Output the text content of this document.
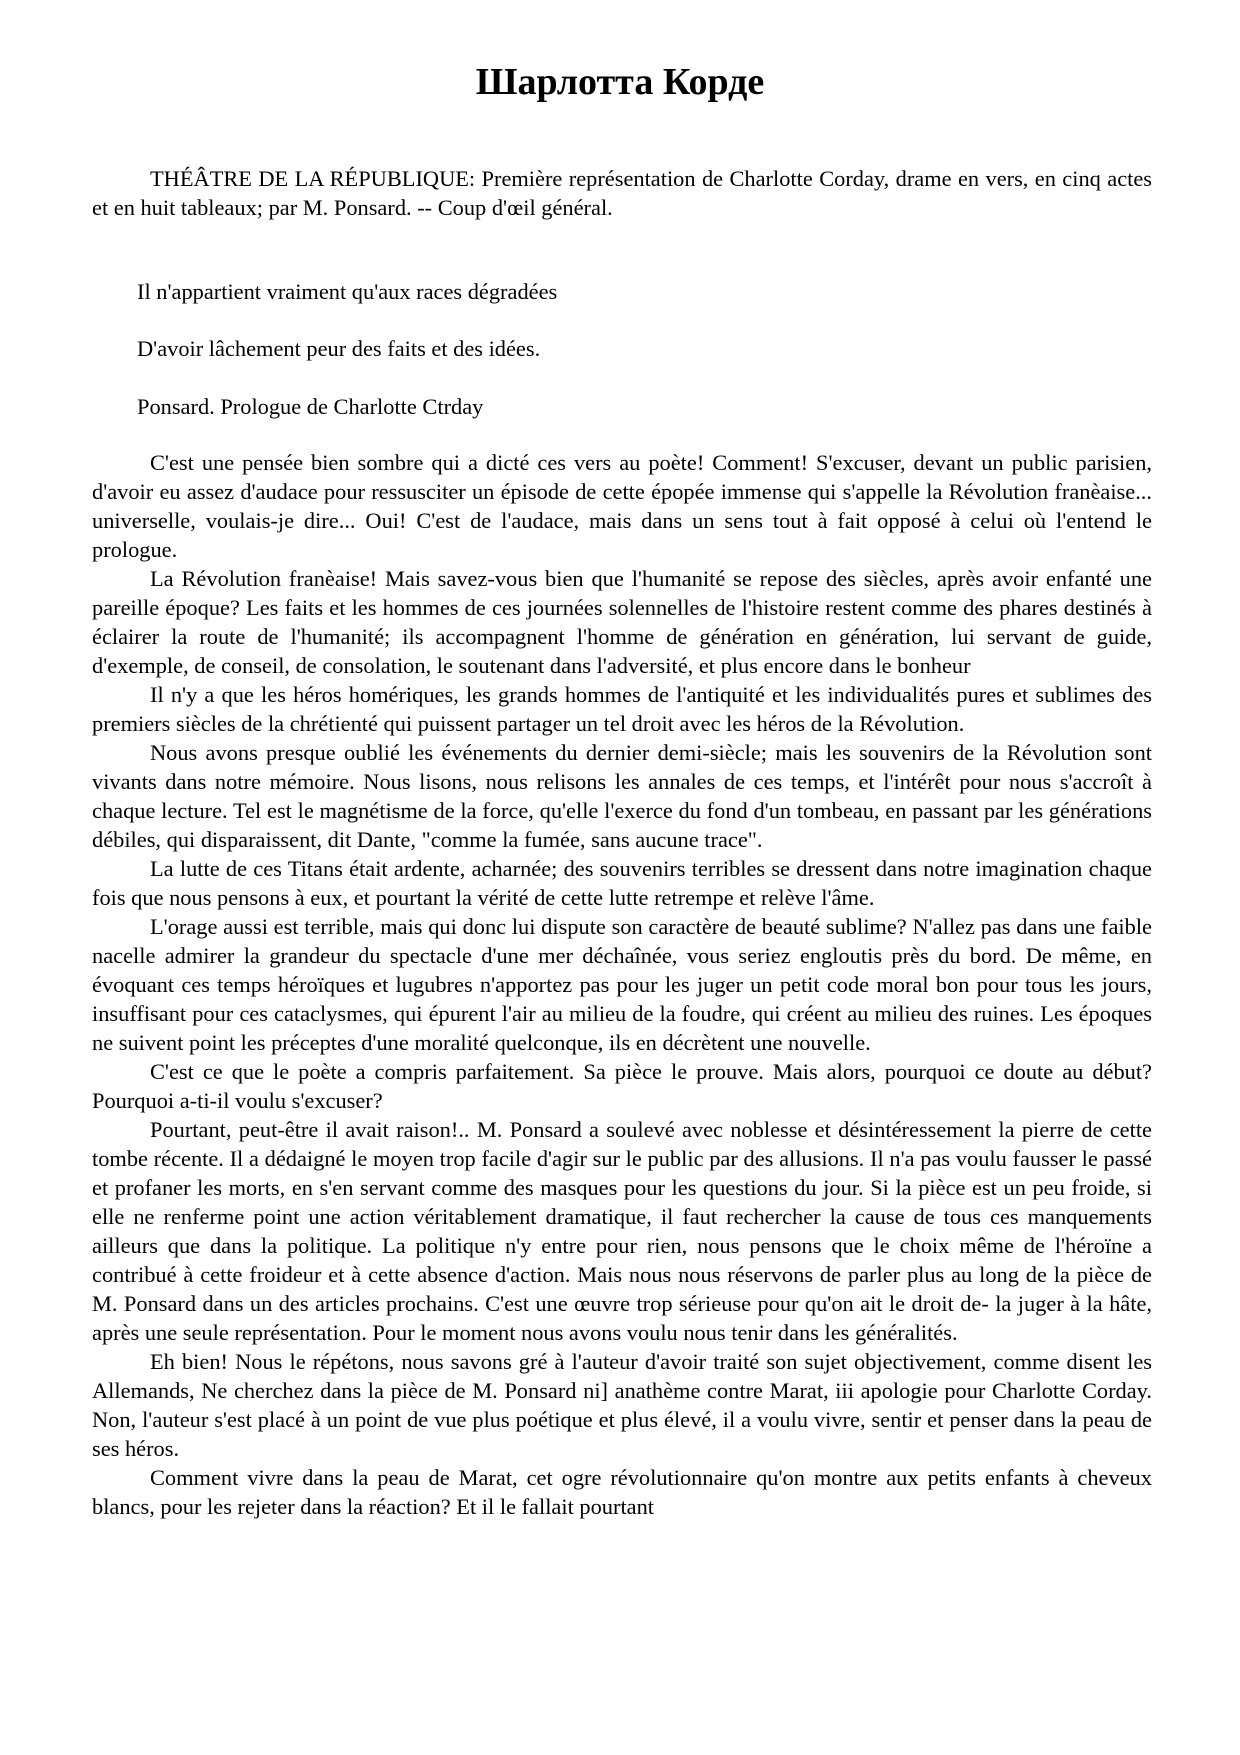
Шарлотта Корде

THÉÂTRE DE LA RÉPUBLIQUE: Première représentation de Charlotte Corday, drame en vers, en cinq actes et en huit tableaux; par M. Ponsard. -- Coup d'œil général.

Il n'appartient vraiment qu'aux races dégradées

D'avoir lâchement peur des faits et des idées.

Ponsard. Prologue de Charlotte Ctrday

C'est une pensée bien sombre qui a dicté ces vers au poète! Comment! S'excuser, devant un public parisien, d'avoir eu assez d'audace pour ressusciter un épisode de cette épopée immense qui s'appelle la Révolution franèaise... universelle, voulais-je dire... Oui! C'est de l'audace, mais dans un sens tout à fait opposé à celui où l'entend le prologue.

La Révolution franèaise! Mais savez-vous bien que l'humanité se repose des siècles, après avoir enfanté une pareille époque? Les faits et les hommes de ces journées solennelles de l'histoire restent comme des phares destinés à éclairer la route de l'humanité; ils accompagnent l'homme de génération en génération, lui servant de guide, d'exemple, de conseil, de consolation, le soutenant dans l'adversité, et plus encore dans le bonheur

Il n'y a que les héros homériques, les grands hommes de l'antiquité et les individualités pures et sublimes des premiers siècles de la chrétienté qui puissent partager un tel droit avec les héros de la Révolution.

Nous avons presque oublié les événements du dernier demi-siècle; mais les souvenirs de la Révolution sont vivants dans notre mémoire. Nous lisons, nous relisons les annales de ces temps, et l'intérêt pour nous s'accroît à chaque lecture. Tel est le magnétisme de la force, qu'elle l'exerce du fond d'un tombeau, en passant par les générations débiles, qui disparaissent, dit Dante, "comme la fumée, sans aucune trace".

La lutte de ces Titans était ardente, acharnée; des souvenirs terribles se dressent dans notre imagination chaque fois que nous pensons à eux, et pourtant la vérité de cette lutte retrempe et relève l'âme.

L'orage aussi est terrible, mais qui donc lui dispute son caractère de beauté sublime? N'allez pas dans une faible nacelle admirer la grandeur du spectacle d'une mer déchaînée, vous seriez engloutis près du bord. De même, en évoquant ces temps héroïques et lugubres n'apportez pas pour les juger un petit code moral bon pour tous les jours, insuffisant pour ces cataclysmes, qui épurent l'air au milieu de la foudre, qui créent au milieu des ruines. Les époques ne suivent point les préceptes d'une moralité quelconque, ils en décrètent une nouvelle.

C'est ce que le poète a compris parfaitement. Sa pièce le prouve. Mais alors, pourquoi ce doute au début? Pourquoi a-ti-il voulu s'excuser?

Pourtant, peut-être il avait raison!.. M. Ponsard a soulevé avec noblesse et désintéressement la pierre de cette tombe récente. Il a dédaigné le moyen trop facile d'agir sur le public par des allusions. Il n'a pas voulu fausser le passé et profaner les morts, en s'en servant comme des masques pour les questions du jour. Si la pièce est un peu froide, si elle ne renferme point une action véritablement dramatique, il faut rechercher la cause de tous ces manquements ailleurs que dans la politique. La politique n'y entre pour rien, nous pensons que le choix même de l'héroïne a contribué à cette froideur et à cette absence d'action. Mais nous nous réservons de parler plus au long de la pièce de M. Ponsard dans un des articles prochains. C'est une œuvre trop sérieuse pour qu'on ait le droit de- la juger à la hâte, après une seule représentation. Pour le moment nous avons voulu nous tenir dans les généralités.

Eh bien! Nous le répétons, nous savons gré à l'auteur d'avoir traité son sujet objectivement, comme disent les Allemands, Ne cherchez dans la pièce de M. Ponsard ni] anathème contre Marat, iii apologie pour Charlotte Corday. Non, l'auteur s'est placé à un point de vue plus poétique et plus élevé, il a voulu vivre, sentir et penser dans la peau de ses héros.

Comment vivre dans la peau de Marat, cet ogre révolutionnaire qu'on montre aux petits enfants à cheveux blancs, pour les rejeter dans la réaction? Et il le fallait pourtant
